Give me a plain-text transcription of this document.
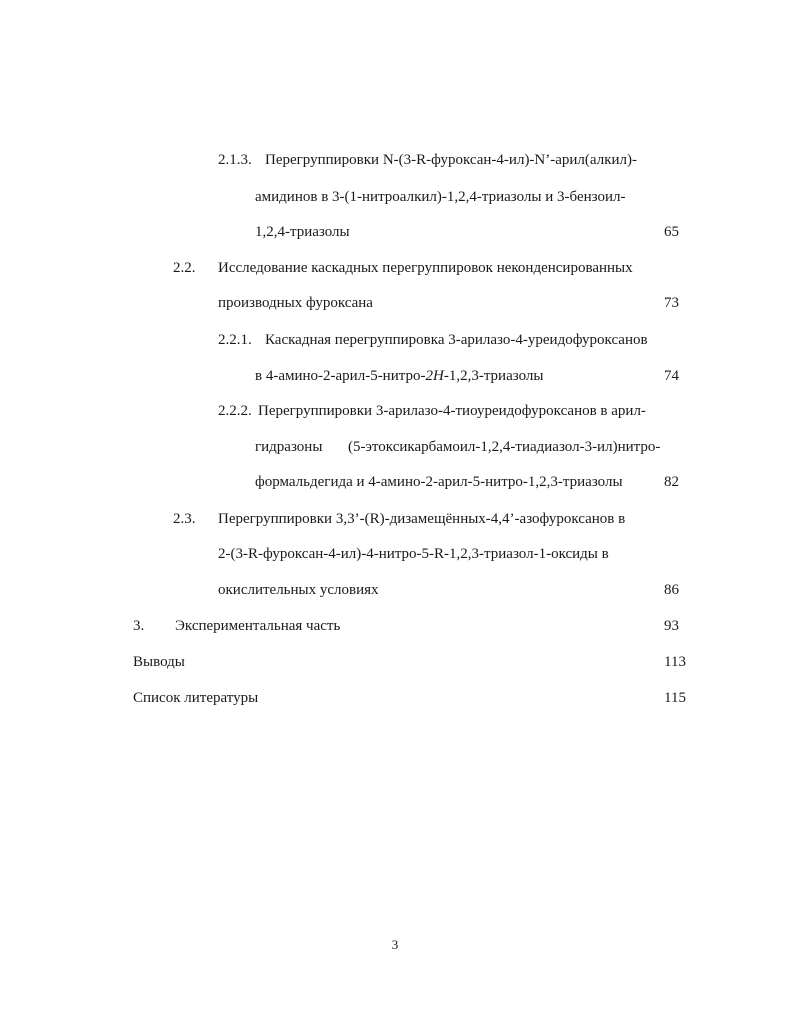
2.1.3. Перегруппировки N-(3-R-фуроксан-4-ил)-N’-арил(алкил)-
амидинов в 3-(1-нитроалкил)-1,2,4-триазолы и 3-бензоил-
1,2,4-триазолы	65
2.2. Исследование каскадных перегруппировок неконденсированных
производных фуроксана	73
2.2.1. Каскадная перегруппировка 3-арилазо-4-уреидофуроксанов
в 4-амино-2-арил-5-нитро-2H-1,2,3-триазолы	74
2.2.2. Перегруппировки 3-арилазо-4-тиоуреидофуроксанов в арил-
гидразоны (5-этоксикарбамоил-1,2,4-тиадиазол-3-ил)нитро-
формальдегида и 4-амино-2-арил-5-нитро-1,2,3-триазолы	82
2.3. Перегруппировки 3,3’-(R)-дизамещённых-4,4’-азофуроксанов в
2-(3-R-фуроксан-4-ил)-4-нитро-5-R-1,2,3-триазол-1-оксиды в
окислительных условиях	86
3. Экспериментальная часть	93
Выводы	113
Список литературы	115
3
